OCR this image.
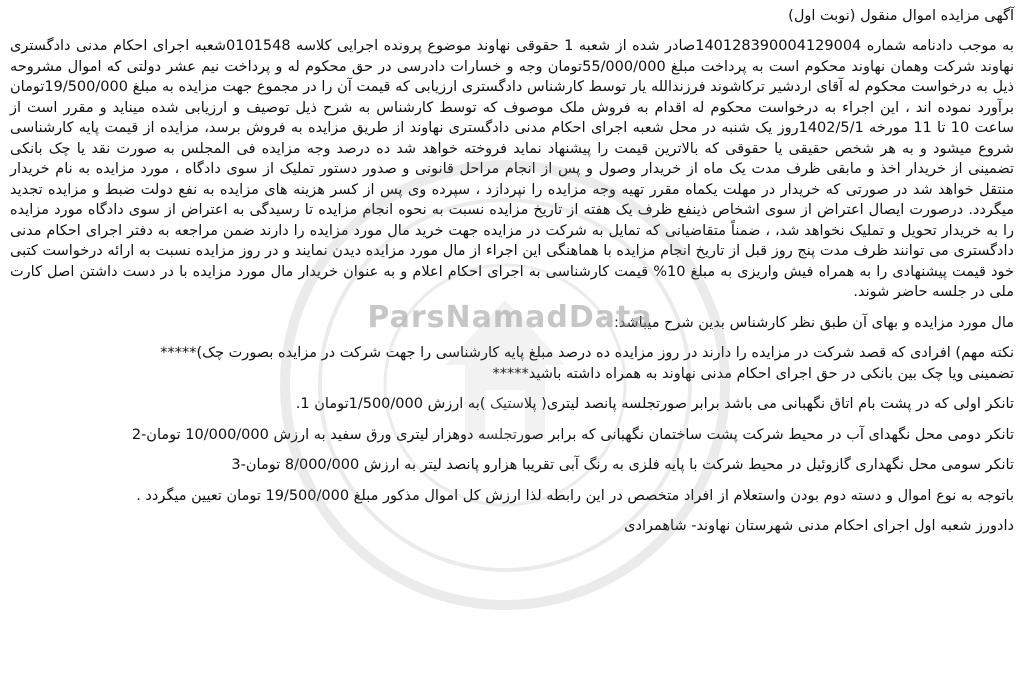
ParsNamadData

آگهی مزایده اموال منقول (نوبت اول)

به موجب دادنامه شماره 140128390004129004صادر شده از شعبه 1 حقوقی نهاوند موضوع پرونده اجرایی کلاسه 0101548شعبه اجرای احکام مدنی دادگستری نهاوند شرکت وهمان نهاوند محکوم است به پرداخت مبلغ 55/000/000تومان وجه و خسارات دادرسی در حق محکوم له و پرداخت نیم عشر دولتی که اموال مشروحه ذیل به درخواست محکوم له آقای اردشیر ترکاشوند فرزندالله یار توسط کارشناس دادگستری ارزیابی که قیمت آن را در مجموع جهت مزایده به مبلغ 19/500/000تومان برآورد نموده اند ، این اجراء به درخواست محکوم له اقدام به فروش ملک موصوف که توسط کارشناس به شرح ذیل توصیف و ارزیابی شده میناید و مقرر است از ساعت 10 تا 11 مورخه 1402/5/1روز یک شنبه در محل شعبه اجرای احکام مدنی دادگستری نهاوند از طریق مزایده به فروش برسد، مزایده از قیمت پایه کارشناسی شروع میشود و به هر شخص حقیقی یا حقوقی که بالاترین قیمت را پیشنهاد نماید فروخته خواهد شد ده درصد وجه مزایده فی المجلس به صورت نقد یا چک بانکی تضمینی از خریدار اخذ و مابقی ظرف مدت یک ماه از خریدار وصول و پس از انجام مراحل قانونی و صدور دستور تملیک از سوی دادگاه ، مورد مزایده به نام خریدار منتقل خواهد شد در صورتی که خریدار در مهلت یکماه مقرر تهیه وجه مزایده را نپردازد ، سپرده وی پس از کسر هزینه های مزایده به نفع دولت ضبط و مزایده تجدید میگردد. درصورت ایصال اعتراض از سوی اشخاص ذینفع ظرف یک هفته از تاریخ مزایده نسبت به نحوه انجام مزایده تا رسیدگی به اعتراض از سوی دادگاه مورد مزایده را به خریدار تحویل و تملیک نخواهد شد، ، ضمناً متقاضیانی که تمایل به شرکت در مزایده جهت خرید مال مورد مزایده را دارند ضمن مراجعه به دفتر اجرای احکام مدنی دادگستری می توانند ظرف مدت پنج روز قبل از تاریخ انجام مزایده با هماهنگی این اجراء از مال مورد مزایده دیدن نمایند و در روز مزایده نسبت به ارائه درخواست کتبی خود قیمت پیشنهادی را به همراه فیش واریزی به مبلغ 10% قیمت کارشناسی به اجرای احکام اعلام و به عنوان خریدار مال مورد مزایده با در دست داشتن اصل کارت ملی در جلسه حاضر شوند.

مال مورد مزایده و بهای آن طبق نظر کارشناس بدین شرح میباشد:

نکته مهم) افرادی که قصد شرکت در مزایده را دارند در روز مزایده ده درصد مبلغ پایه کارشناسی را جهت شرکت در مزایده بصورت چک)*****

تضمینی ویا چک بین بانکی در حق اجرای احکام مدنی نهاوند به همراه داشته باشید*****

تانکر اولی که در پشت بام اتاق نگهبانی می باشد برابر صورتجلسه پانصد لیتری( پلاستیک )به ارزش 1/500/000تومان 1.

تانکر دومی محل نگهدای آب در محیط شرکت پشت ساختمان نگهبانی که برابر صورتجلسه دوهزار لیتری ورق سفید به ارزش 10/000/000 تومان-2

تانکر سومی محل نگهداری گازوئیل در محیط شرکت با پایه فلزی به رنگ آبی تقریبا هزارو پانصد لیتر به ارزش 8/000/000 تومان-3

باتوجه به نوع اموال و دسته دوم بودن واستعلام از افراد متخصص در این رابطه لذا ارزش کل اموال مذکور مبلغ 19/500/000 تومان تعیین میگردد .

دادورز شعبه اول اجرای احکام مدنی شهرستان نهاوند- شاهمرادی
